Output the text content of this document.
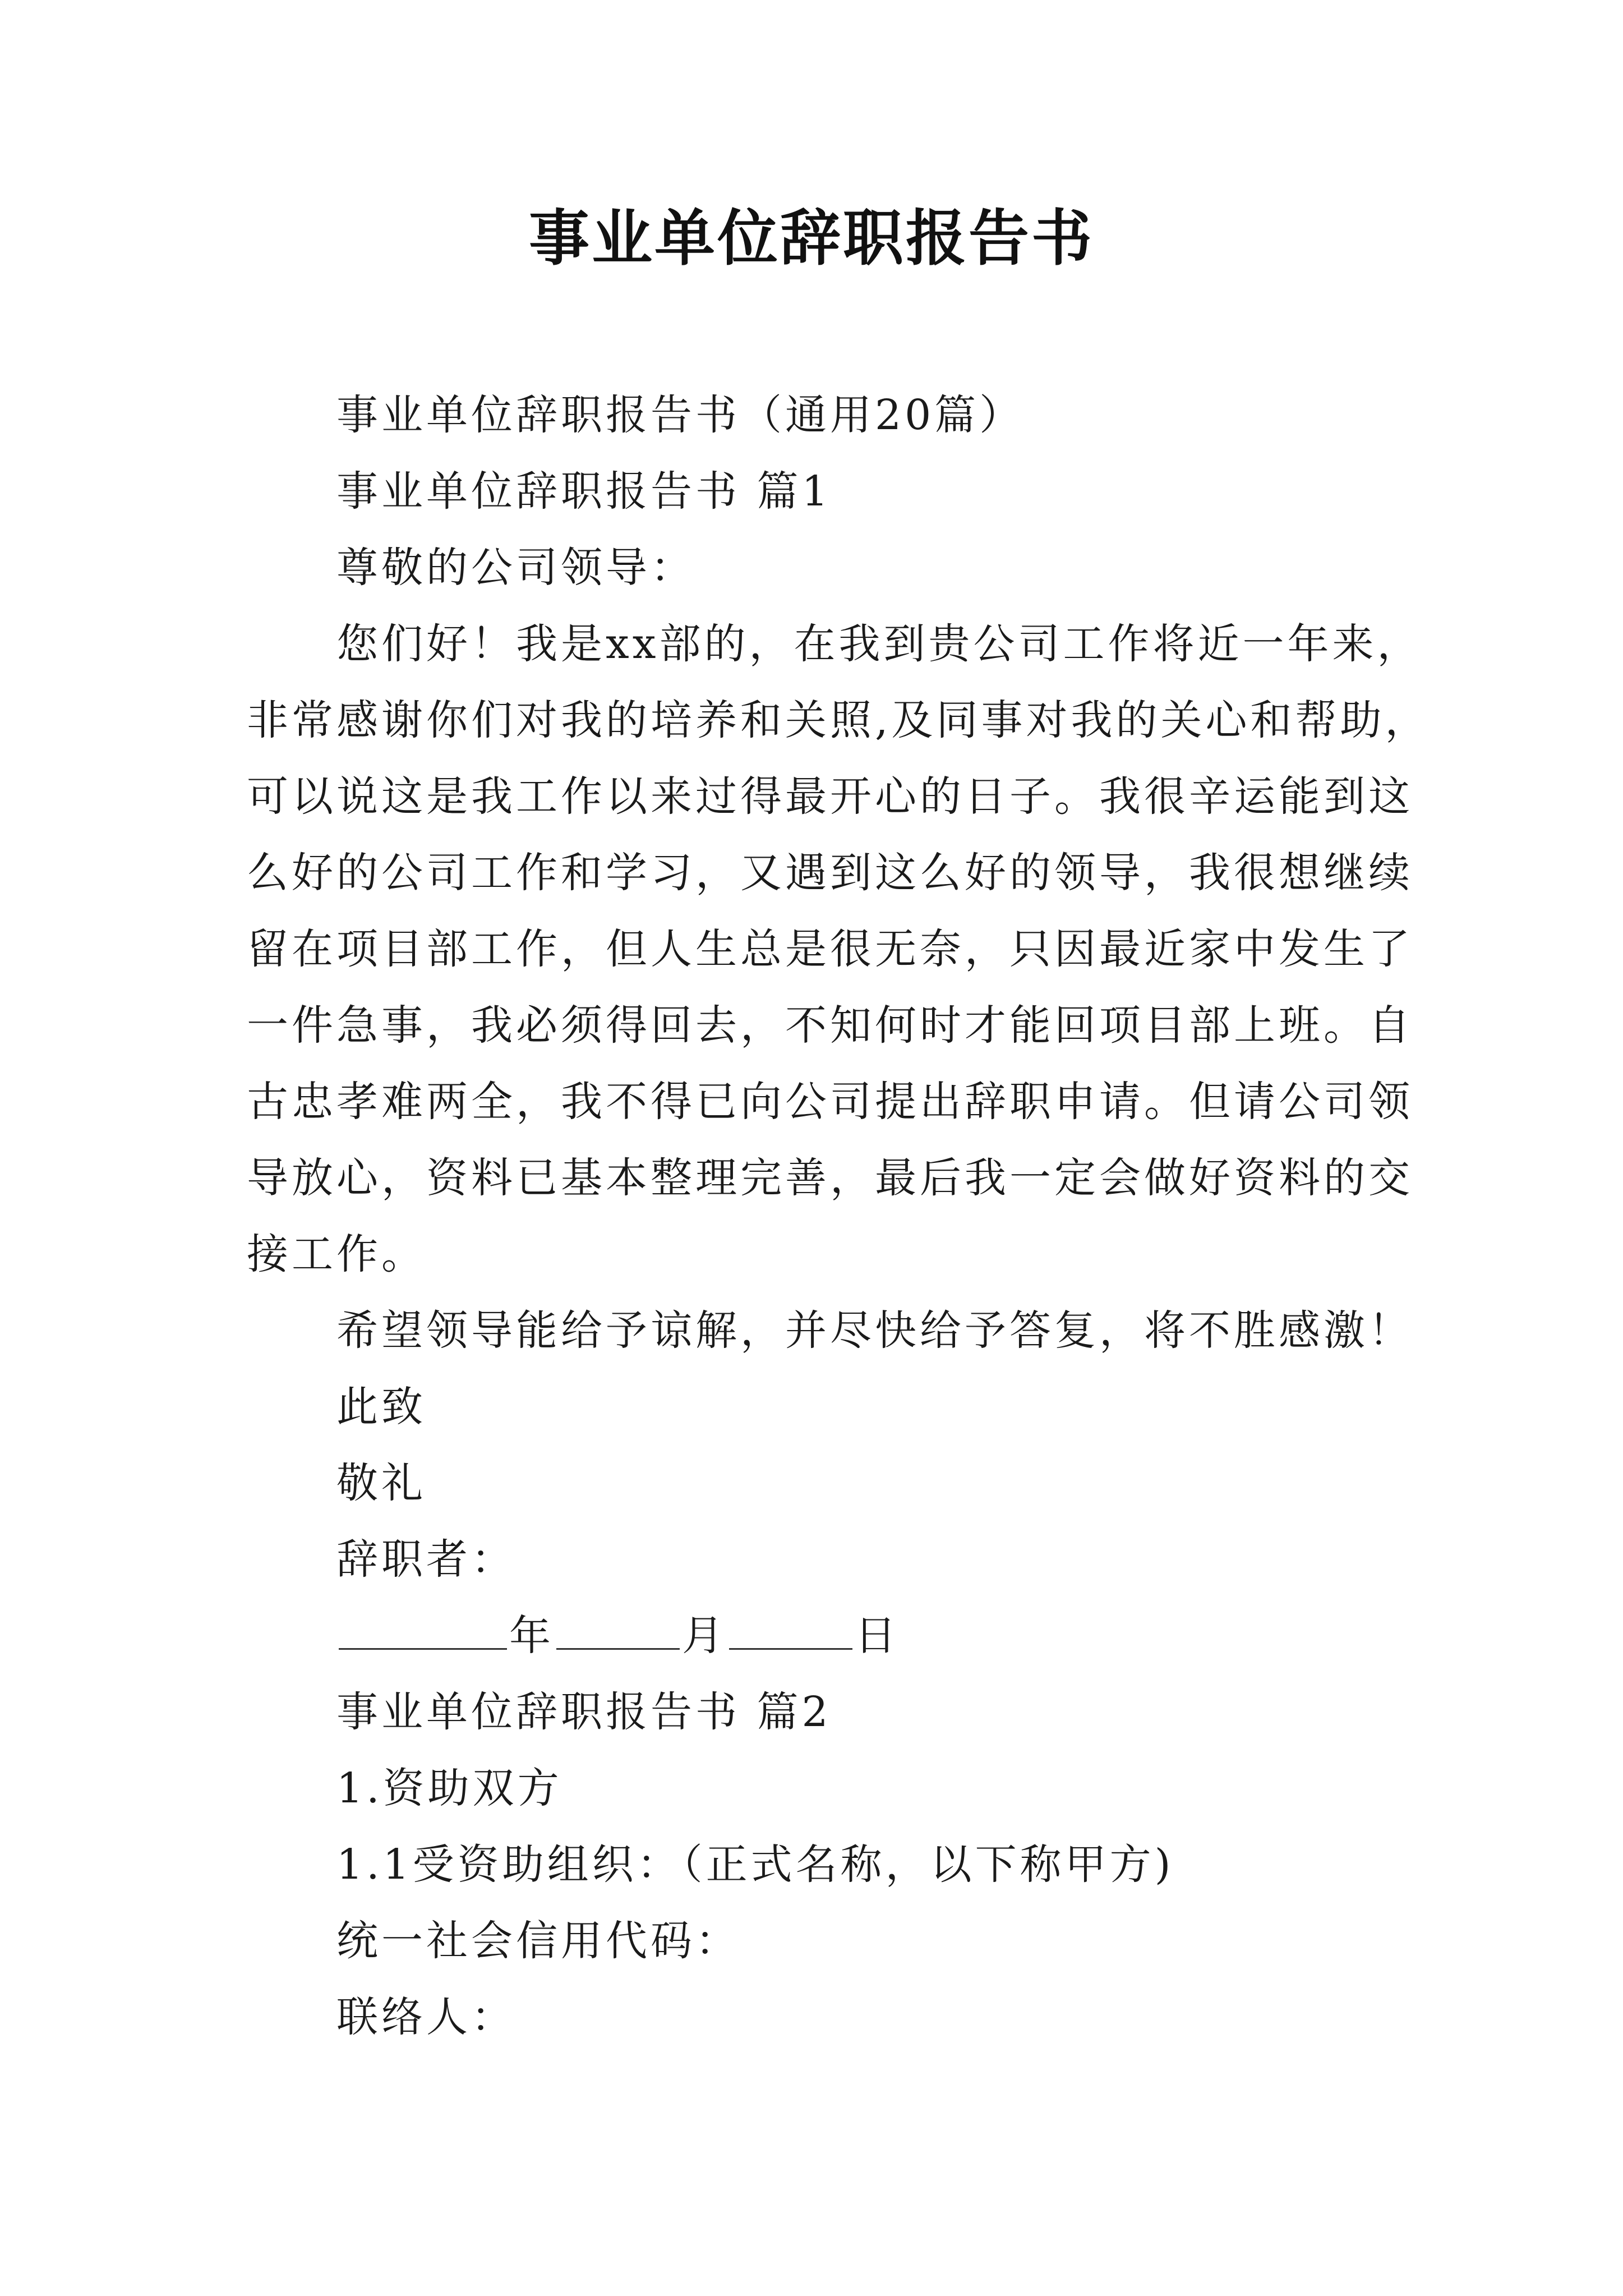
事业单位辞职报告书
事业单位辞职报告书（通用20篇）
事业单位辞职报告书 篇1
尊敬的公司领导：
您们好！我是xx部的，在我到贵公司工作将近一年来，
非常感谢你们对我的培养和关照,及同事对我的关心和帮助，
可以说这是我工作以来过得最开心的日子。我很辛运能到这
么好的公司工作和学习，又遇到这么好的领导，我很想继续
留在项目部工作，但人生总是很无奈，只因最近家中发生了
一件急事，我必须得回去，不知何时才能回项目部上班。自
古忠孝难两全，我不得已向公司提出辞职申请。但请公司领
导放心，资料已基本整理完善，最后我一定会做好资料的交
接工作。
希望领导能给予谅解，并尽快给予答复，将不胜感激！
此致
敬礼
辞职者：
年	月	日
事业单位辞职报告书 篇2
1.资助双方
1.1受资助组织：（正式名称，以下称甲方)
统一社会信用代码：
联络人：
